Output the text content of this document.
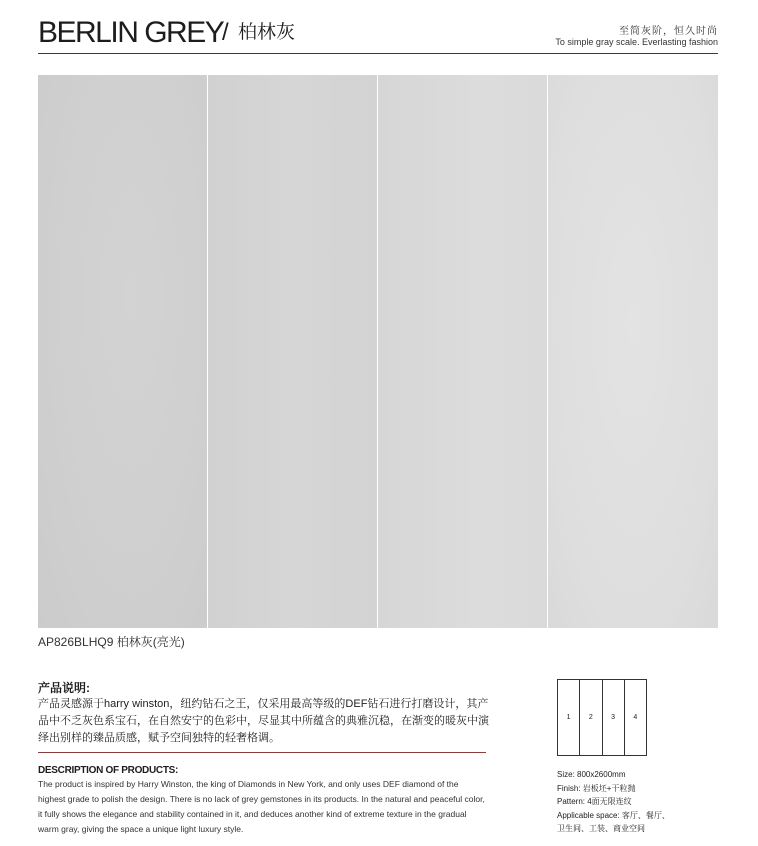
BERLIN GREY
/ 柏林灰	至简灰阶，恒久时尚
To simple gray scale. Everlasting fashion
AP826BLHQ9 柏林灰(亮光)
产品说明:
产品灵感源于harry winston，纽约钻石之王，仅采用最高等级的DEF钻石进行打磨设计，其产品中不乏灰色系宝石，在自然安宁的色彩中，尽显其中所蕴含的典雅沉稳，在渐变的暖灰中演绎出别样的臻品质感，赋予空间独特的轻奢格调。
DESCRIPTION OF PRODUCTS:
The product is inspired by Harry Winston, the king of Diamonds in New York, and only uses DEF diamond of the highest grade to polish the design. There is no lack of grey gemstones in its products. In the natural and peaceful color, it fully shows the elegance and stability contained in it, and deduces another kind of extreme texture in the gradual warm gray, giving the space a unique light luxury style.
1	2	3	4
Size: 800x2600mm
Finish: 岩板坯+干粒抛
Pattern: 4面无限连纹
Applicable space: 客厅、餐厅、
卫生间、工装、商业空间
